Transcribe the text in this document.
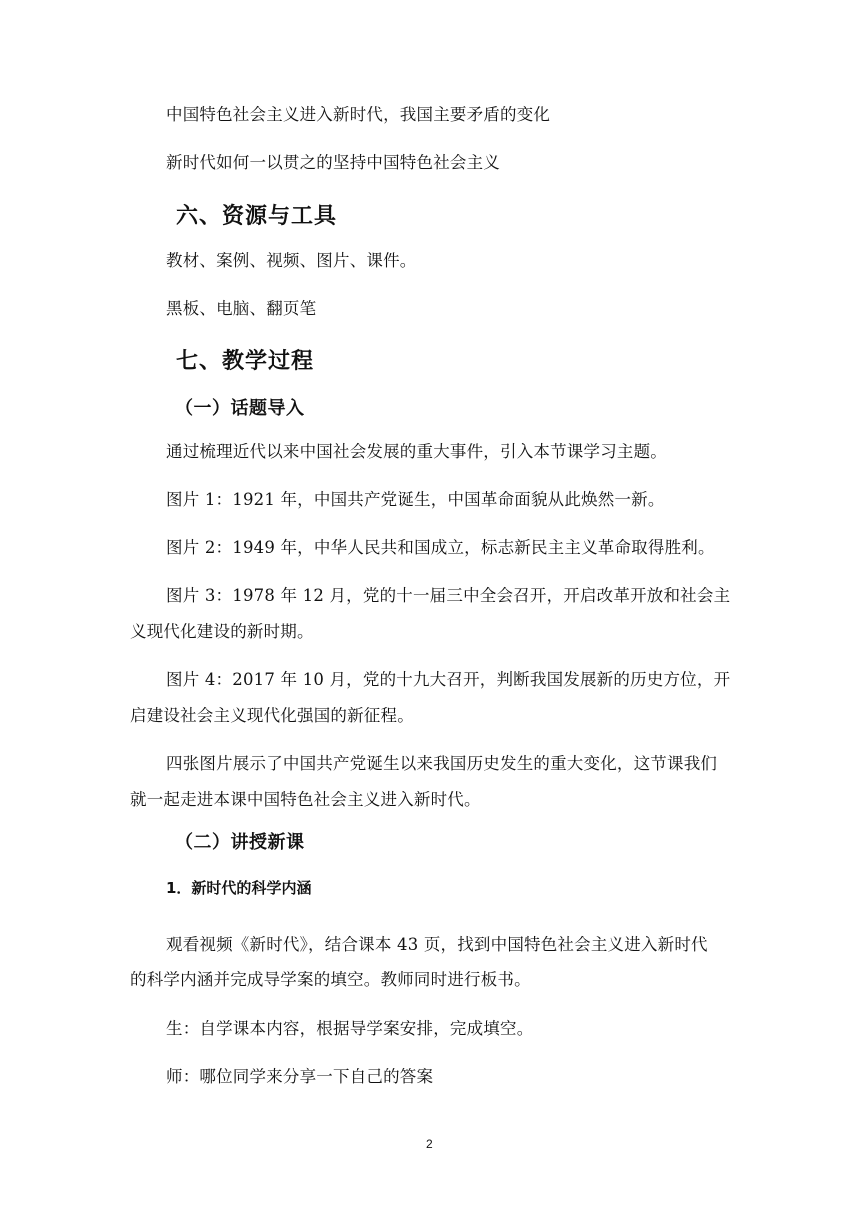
中国特色社会主义进入新时代，我国主要矛盾的变化
新时代如何一以贯之的坚持中国特色社会主义
六、资源与工具
教材、案例、视频、图片、课件。
黑板、电脑、翻页笔
七、教学过程
（一）话题导入
通过梳理近代以来中国社会发展的重大事件，引入本节课学习主题。
图片 1：1921 年，中国共产党诞生，中国革命面貌从此焕然一新。
图片 2：1949 年，中华人民共和国成立，标志新民主主义革命取得胜利。
图片 3：1978 年 12 月，党的十一届三中全会召开，开启改革开放和社会主
义现代化建设的新时期。
图片 4：2017 年 10 月，党的十九大召开，判断我国发展新的历史方位，开
启建设社会主义现代化强国的新征程。
四张图片展示了中国共产党诞生以来我国历史发生的重大变化，这节课我们
就一起走进本课中国特色社会主义进入新时代。
（二）讲授新课
1．新时代的科学内涵
观看视频《新时代》，结合课本 43 页，找到中国特色社会主义进入新时代
的科学内涵并完成导学案的填空。教师同时进行板书。
生：自学课本内容，根据导学案安排，完成填空。
师：哪位同学来分享一下自己的答案
2
